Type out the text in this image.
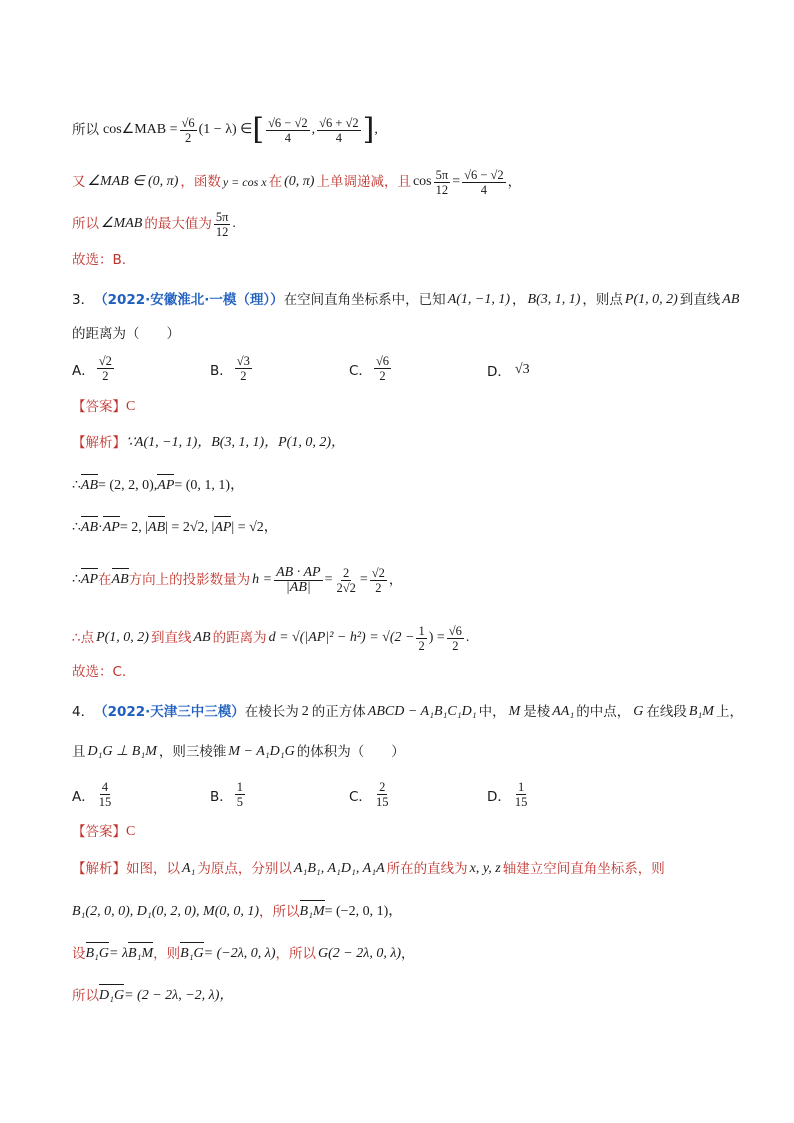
所以 cos∠MAB = $\frac{√6}{2} (1 - \lambda)$ ∈ [ $\frac{√6 - √2}{4}$ , $\frac{√6 + √2}{4}$ ] ,
又 ∠MAB ∈ (0, π) ，函数 y = cos x 在 (0, π) 上单调递减，且 $\cos \frac{5\pi}{12} = \frac{√6 - √2}{4}$ ，
所以 ∠MAB 的最大值为 $\frac{5\pi}{12}$ .
故选：B.
3． （2022·安徽淮北·一模（理）） 在空间直角坐标系中，已知 A(1, −1, 1) ， B(3, 1, 1) ，则点 P(1, 0, 2) 到直线 AB
的距离为（　　）
A． $\frac{√2}{2}$	B． $\frac{√3}{2}$	C． $\frac{√6}{2}$	D． √3
【答案】 C
【解析】 ∵A(1, −1, 1)，B(3, 1, 1)，P(1, 0, 2)，
∴ AB = (2, 2, 0), AP = (0, 1, 1)，
∴ AB · AP = 2, | AB | = 2√2, | AP | = √2，
∴ AP 在 AB 方向上的投影数量为 $h = \frac{AB \cdot AP}{|AB|} = \frac{2}{2√2} = \frac{√2}{2}$ ，
∴点 P(1, 0, 2) 到直线 AB 的距离为 $d = √(|AP|^2 - h^2) = √(2 - \frac{1}{2}$ ) = $\frac{√6}{2}$ .
故选：C.
4． （2022·天津三中三模） 在棱长为 2 的正方体 ABCD − A₁B₁C₁D₁ 中， M 是棱 AA₁ 的中点， G 在线段 B₁M 上，
且 D₁G ⊥ B₁M ，则三棱锥 M − A₁D₁G 的体积为（　　）
A． $\frac{4}{15}$	B． $\frac{1}{5}$	C． $\frac{2}{15}$	D． $\frac{1}{15}$
【答案】 C
【解析】 如图，以 A₁ 为原点，分别以 A₁B₁, A₁D₁, A₁A 所在的直线为 x, y, z 轴建立空间直角坐标系，则
B₁(2, 0, 0), D₁(0, 2, 0), M(0, 0, 1) ，所以 B₁M = (−2, 0, 1)，
设 B₁G = λ B₁M ，则 B₁G = (−2λ, 0, λ) ，所以 G(2 − 2λ, 0, λ) ，
所以 D₁G = (2 − 2λ, −2, λ)，
